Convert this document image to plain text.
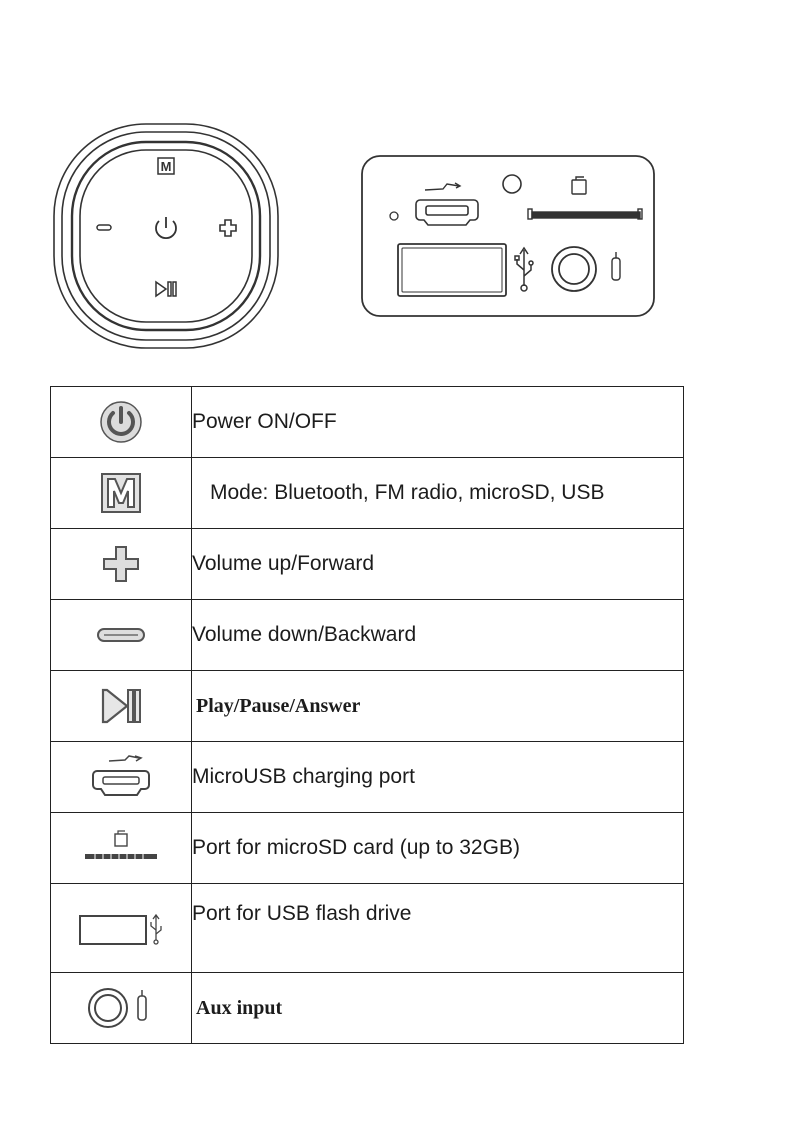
M
	Power ON/OFF
	Mode: Bluetooth, FM radio, microSD, USB
	Volume up/Forward
	Volume down/Backward
	Play/Pause/Answer
	MicroUSB charging port
	Port for microSD card (up to 32GB)
	Port for USB flash drive
	Aux input
